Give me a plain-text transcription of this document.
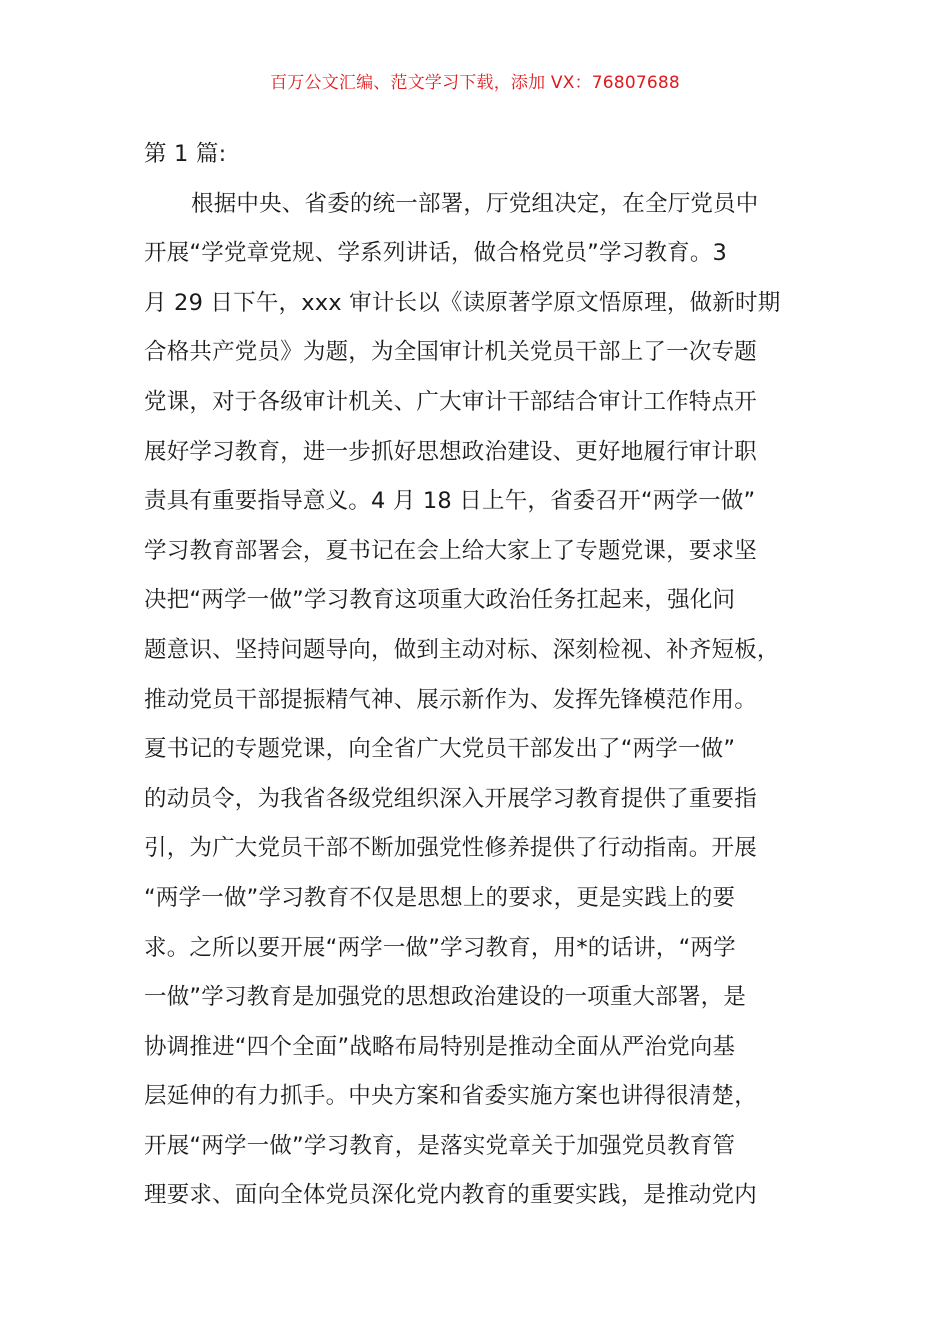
百万公文汇编、范文学习下载，添加 VX：76807688
第 1 篇:
根据中央、省委的统一部署，厅党组决定，在全厅党员中
开展“学党章党规、学系列讲话，做合格党员”学习教育。3
月 29 日下午，xxx 审计长以《读原著学原文悟原理，做新时期
合格共产党员》为题，为全国审计机关党员干部上了一次专题
党课，对于各级审计机关、广大审计干部结合审计工作特点开
展好学习教育，进一步抓好思想政治建设、更好地履行审计职
责具有重要指导意义。4 月 18 日上午，省委召开“两学一做”
学习教育部署会，夏书记在会上给大家上了专题党课，要求坚
决把“两学一做”学习教育这项重大政治任务扛起来，强化问
题意识、坚持问题导向，做到主动对标、深刻检视、补齐短板，
推动党员干部提振精气神、展示新作为、发挥先锋模范作用。
夏书记的专题党课，向全省广大党员干部发出了“两学一做”
的动员令，为我省各级党组织深入开展学习教育提供了重要指
引，为广大党员干部不断加强党性修养提供了行动指南。开展
“两学一做”学习教育不仅是思想上的要求，更是实践上的要
求。之所以要开展“两学一做”学习教育，用*的话讲，“两学
一做”学习教育是加强党的思想政治建设的一项重大部署，是
协调推进“四个全面”战略布局特别是推动全面从严治党向基
层延伸的有力抓手。中央方案和省委实施方案也讲得很清楚，
开展“两学一做”学习教育，是落实党章关于加强党员教育管
理要求、面向全体党员深化党内教育的重要实践，是推动党内
